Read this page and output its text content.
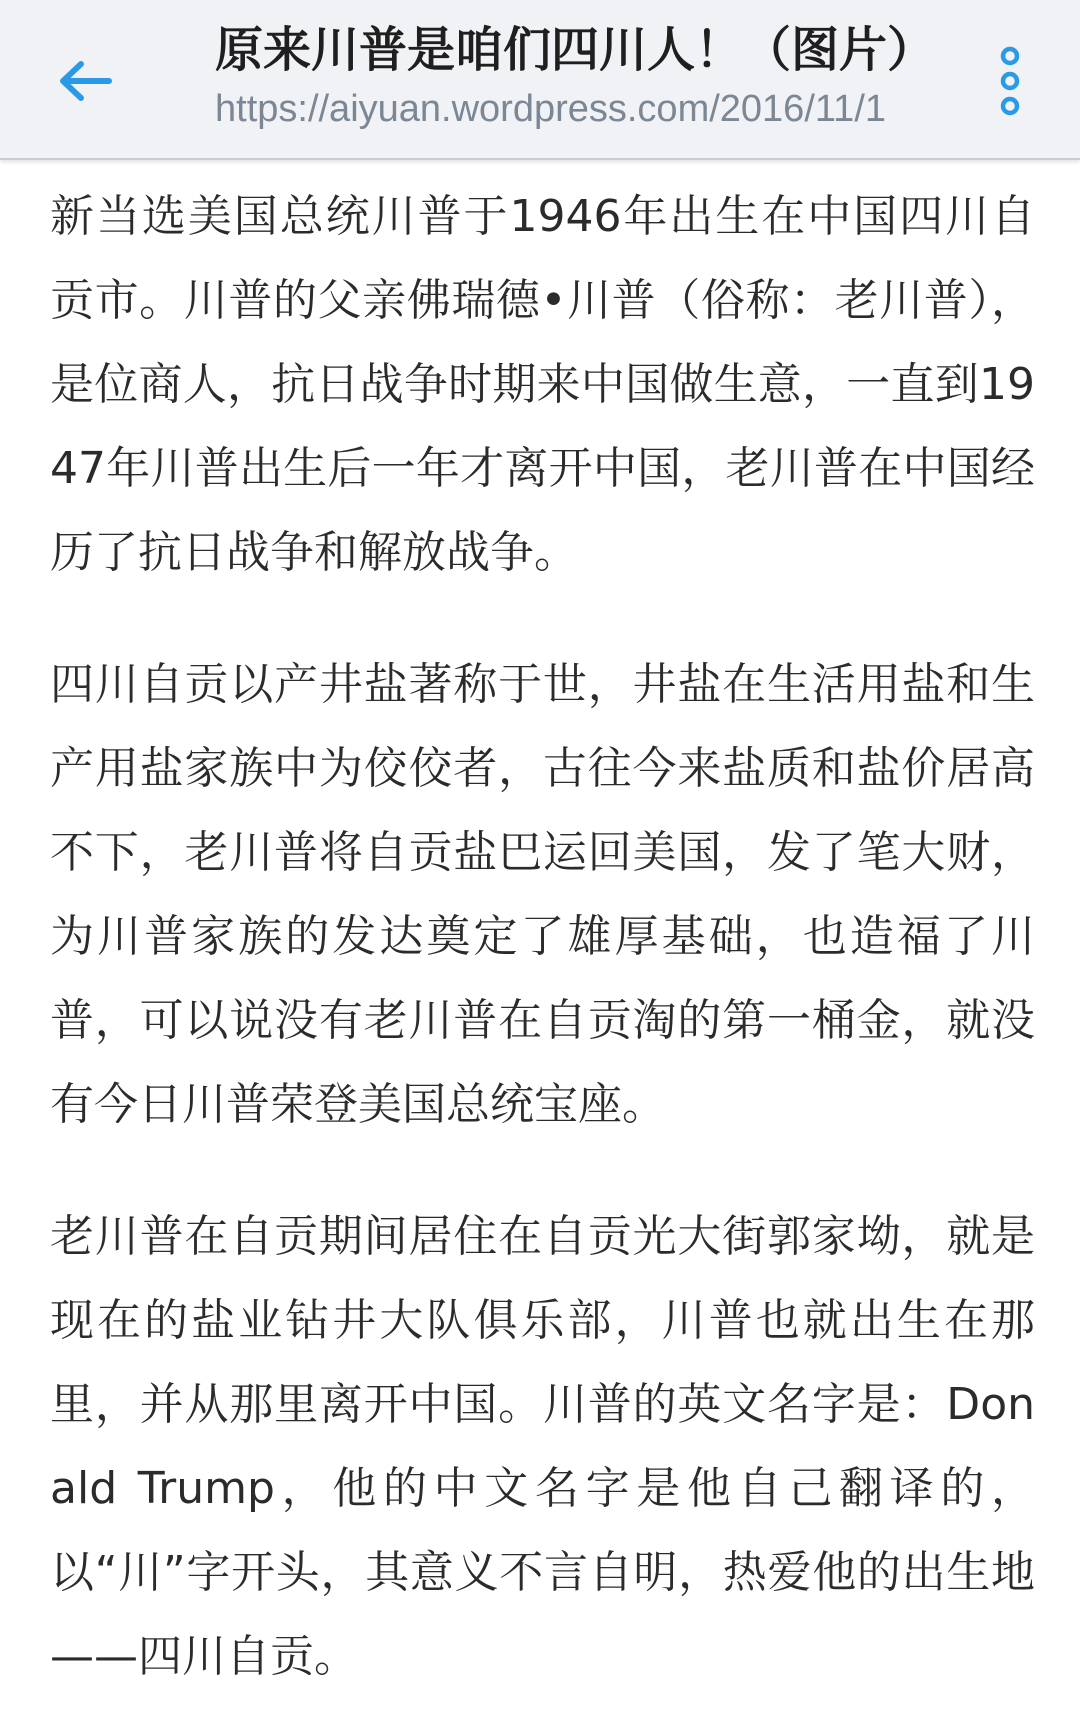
原来川普是咱们四川人！（图片）
https://aiyuan.wordpress.com/2016/11/1

新当选美国总统川普于1946年出生在中国四川自贡市。川普的父亲佛瑞德•川普（俗称：老川普），是位商人，抗日战争时期来中国做生意，一直到1947年川普出生后一年才离开中国，老川普在中国经历了抗日战争和解放战争。

四川自贡以产井盐著称于世，井盐在生活用盐和生产用盐家族中为佼佼者，古往今来盐质和盐价居高不下，老川普将自贡盐巴运回美国，发了笔大财，为川普家族的发达奠定了雄厚基础，也造福了川普，可以说没有老川普在自贡淘的第一桶金，就没有今日川普荣登美国总统宝座。

老川普在自贡期间居住在自贡光大街郭家坳，就是现在的盐业钻井大队俱乐部，川普也就出生在那里，并从那里离开中国。川普的英文名字是：Donald Trump，他的中文名字是他自己翻译的，以“川”字开头，其意义不言自明，热爱他的出生地——四川自贡。
